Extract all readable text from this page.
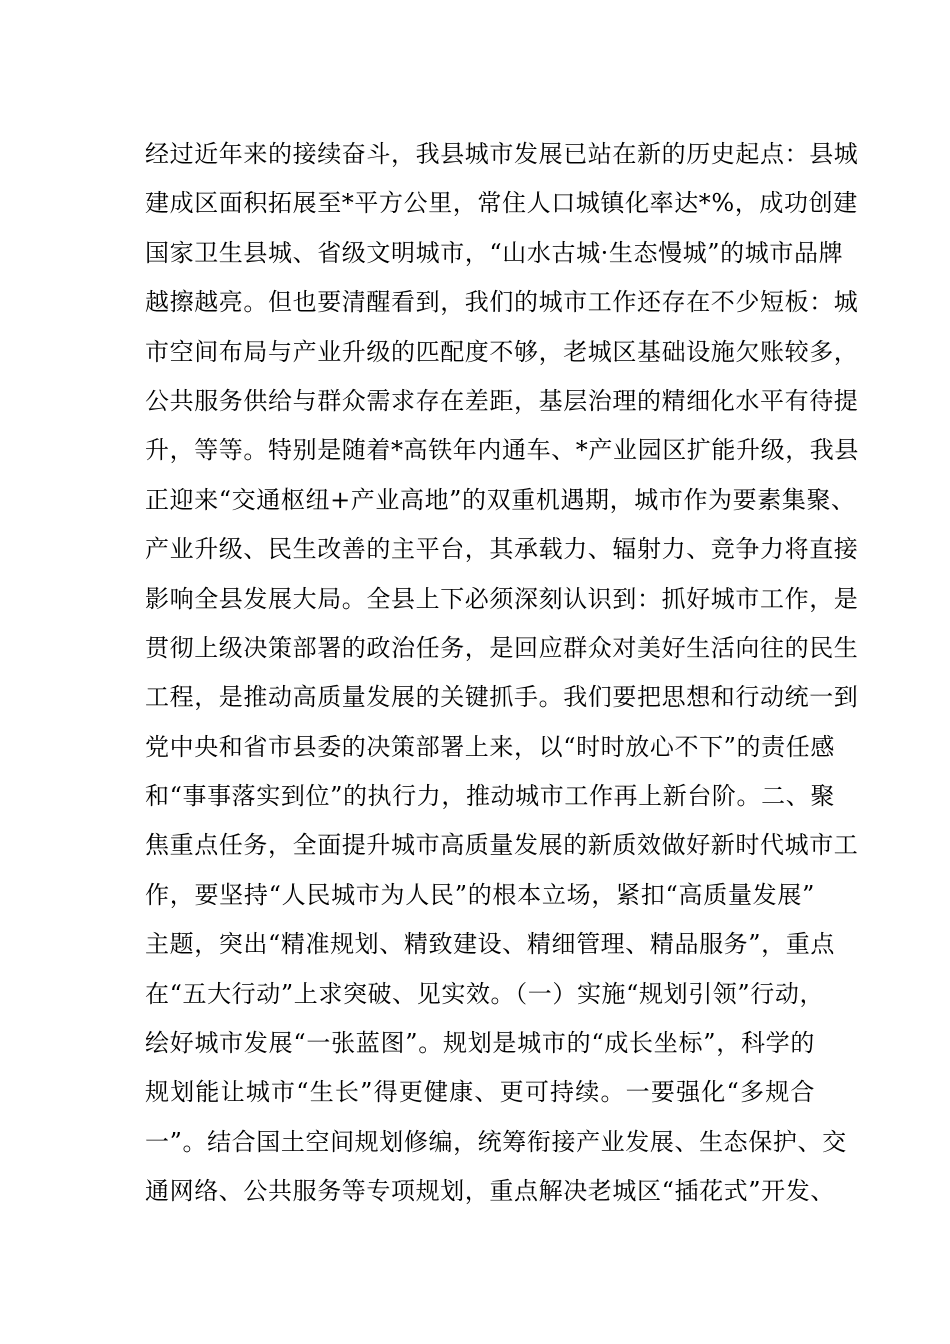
经过近年来的接续奋斗，我县城市发展已站在新的历史起点：县城
建成区面积拓展至*平方公里，常住人口城镇化率达*%，成功创建
国家卫生县城、省级文明城市，“山水古城·生态慢城”的城市品牌
越擦越亮。但也要清醒看到，我们的城市工作还存在不少短板：城
市空间布局与产业升级的匹配度不够，老城区基础设施欠账较多，
公共服务供给与群众需求存在差距，基层治理的精细化水平有待提
升，等等。特别是随着*高铁年内通车、*产业园区扩能升级，我县
正迎来“交通枢纽+产业高地”的双重机遇期，城市作为要素集聚、
产业升级、民生改善的主平台，其承载力、辐射力、竞争力将直接
影响全县发展大局。全县上下必须深刻认识到：抓好城市工作，是
贯彻上级决策部署的政治任务，是回应群众对美好生活向往的民生
工程，是推动高质量发展的关键抓手。我们要把思想和行动统一到
党中央和省市县委的决策部署上来，以“时时放心不下”的责任感
和“事事落实到位”的执行力，推动城市工作再上新台阶。二、聚
焦重点任务，全面提升城市高质量发展的新质效做好新时代城市工
作，要坚持“人民城市为人民”的根本立场，紧扣“高质量发展”
主题，突出“精准规划、精致建设、精细管理、精品服务”，重点
在“五大行动”上求突破、见实效。（一）实施“规划引领”行动，
绘好城市发展“一张蓝图”。规划是城市的“成长坐标”，科学的
规划能让城市“生长”得更健康、更可持续。一要强化“多规合
一”。结合国土空间规划修编，统筹衔接产业发展、生态保护、交
通网络、公共服务等专项规划，重点解决老城区“插花式”开发、
